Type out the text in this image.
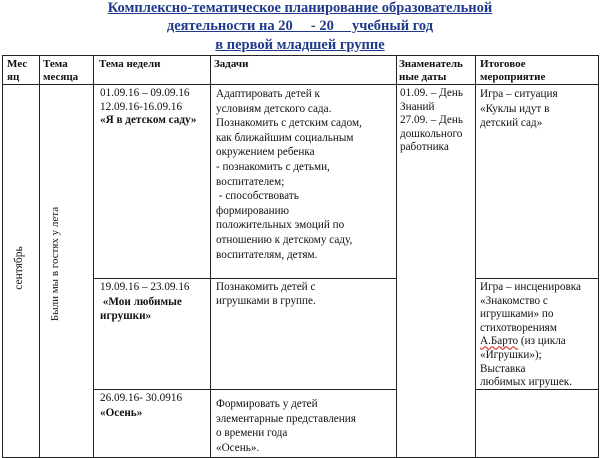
Комплексно-тематическое планирование образовательной
деятельности на 20     - 20     учебный год
в первой младшей группе
Мес
яц
Тема
месяца
Тема недели	Задачи	Знаменатель
ные даты
Итоговое
мероприятие
сентябрь Были мы в гостях у лета
01.09.16 – 09.09.16
12.09.16-16.09.16
«Я в детском саду»
Адаптировать детей к
условиям детского сада.
Познакомить с детским садом,
как ближайшим социальным
окружением ребенка
- познакомить с детьми,
воспитателем;
- способствовать
формированию
положительных эмоций по
отношению к детскому саду,
воспитателям, детям.
01.09. – День
Знаний
27.09. – День
дошкольного
работника
Игра – ситуация
«Куклы идут в
детский сад»
19.09.16 – 23.09.16
«Мои любимые
игрушки»
Познакомить детей с
игрушками в группе.
Игра – инсценировка
«Знакомство с
игрушками» по
стихотворениям
А.Барто (из цикла
«Игрушки»);
Выставка
любимых игрушек.
26.09.16- 30.0916
«Осень»
Формировать у детей
элементарные представления
о времени года
«Осень».
